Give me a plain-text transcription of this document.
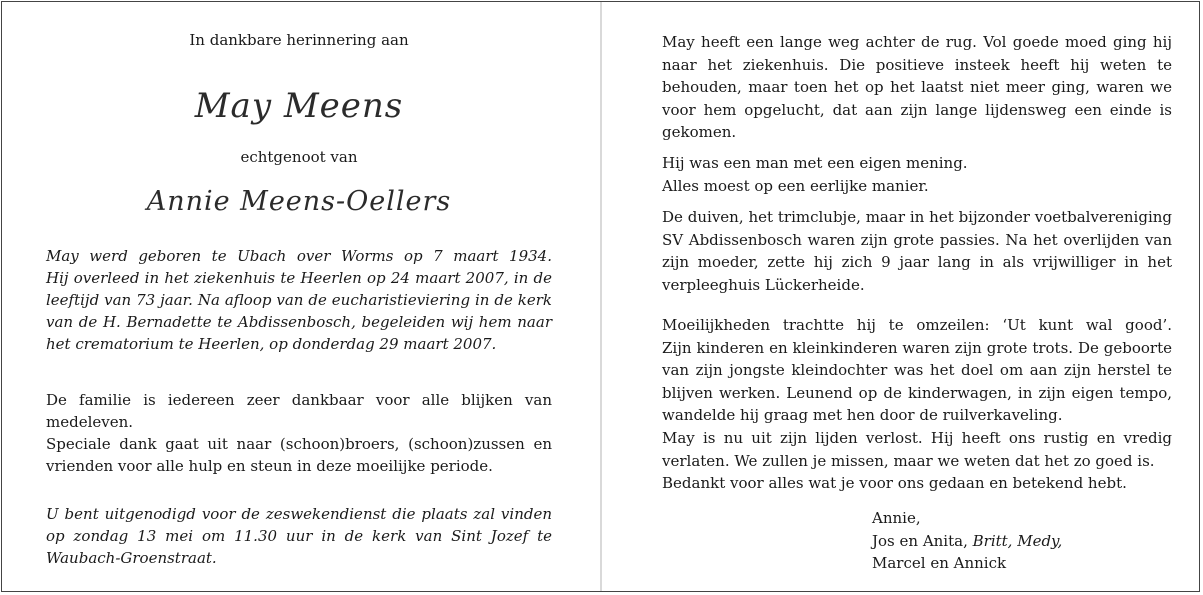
In dankbare herinnering aan
May Meens
echtgenoot van
Annie Meens-Oellers
May werd geboren te Ubach over Worms op 7 maart 1934.
Hij overleed in het ziekenhuis te Heerlen op 24 maart 2007, in de
leeftijd van 73 jaar. Na afloop van de eucharistieviering in de kerk
van de H. Bernadette te Abdissenbosch, begeleiden wij hem naar
het crematorium te Heerlen, op donderdag 29 maart 2007.
De familie is iedereen zeer dankbaar voor alle blijken van
medeleven.
Speciale dank gaat uit naar (schoon)broers, (schoon)zussen en
vrienden voor alle hulp en steun in deze moeilijke periode.
U bent uitgenodigd voor de zeswekendienst die plaats zal vinden
op zondag 13 mei om 11.30 uur in de kerk van Sint Jozef te
Waubach-Groenstraat.
May heeft een lange weg achter de rug. Vol goede moed ging hij
naar het ziekenhuis. Die positieve insteek heeft hij weten te
behouden, maar toen het op het laatst niet meer ging, waren we
voor hem opgelucht, dat aan zijn lange lijdensweg een einde is
gekomen.
Hij was een man met een eigen mening.
Alles moest op een eerlijke manier.
De duiven, het trimclubje, maar in het bijzonder voetbalvereniging
SV Abdissenbosch waren zijn grote passies. Na het overlijden van
zijn moeder, zette hij zich 9 jaar lang in als vrijwilliger in het
verpleeghuis Lückerheide.
Moeilijkheden trachtte hij te omzeilen: ‘Ut kunt wal good’.
Zijn kinderen en kleinkinderen waren zijn grote trots. De geboorte
van zijn jongste kleindochter was het doel om aan zijn herstel te
blijven werken. Leunend op de kinderwagen, in zijn eigen tempo,
wandelde hij graag met hen door de ruilverkaveling.
May is nu uit zijn lijden verlost. Hij heeft ons rustig en vredig
verlaten. We zullen je missen, maar we weten dat het zo goed is.
Bedankt voor alles wat je voor ons gedaan en betekend hebt.
Annie,
Jos en Anita, Britt, Medy,
Marcel en Annick
